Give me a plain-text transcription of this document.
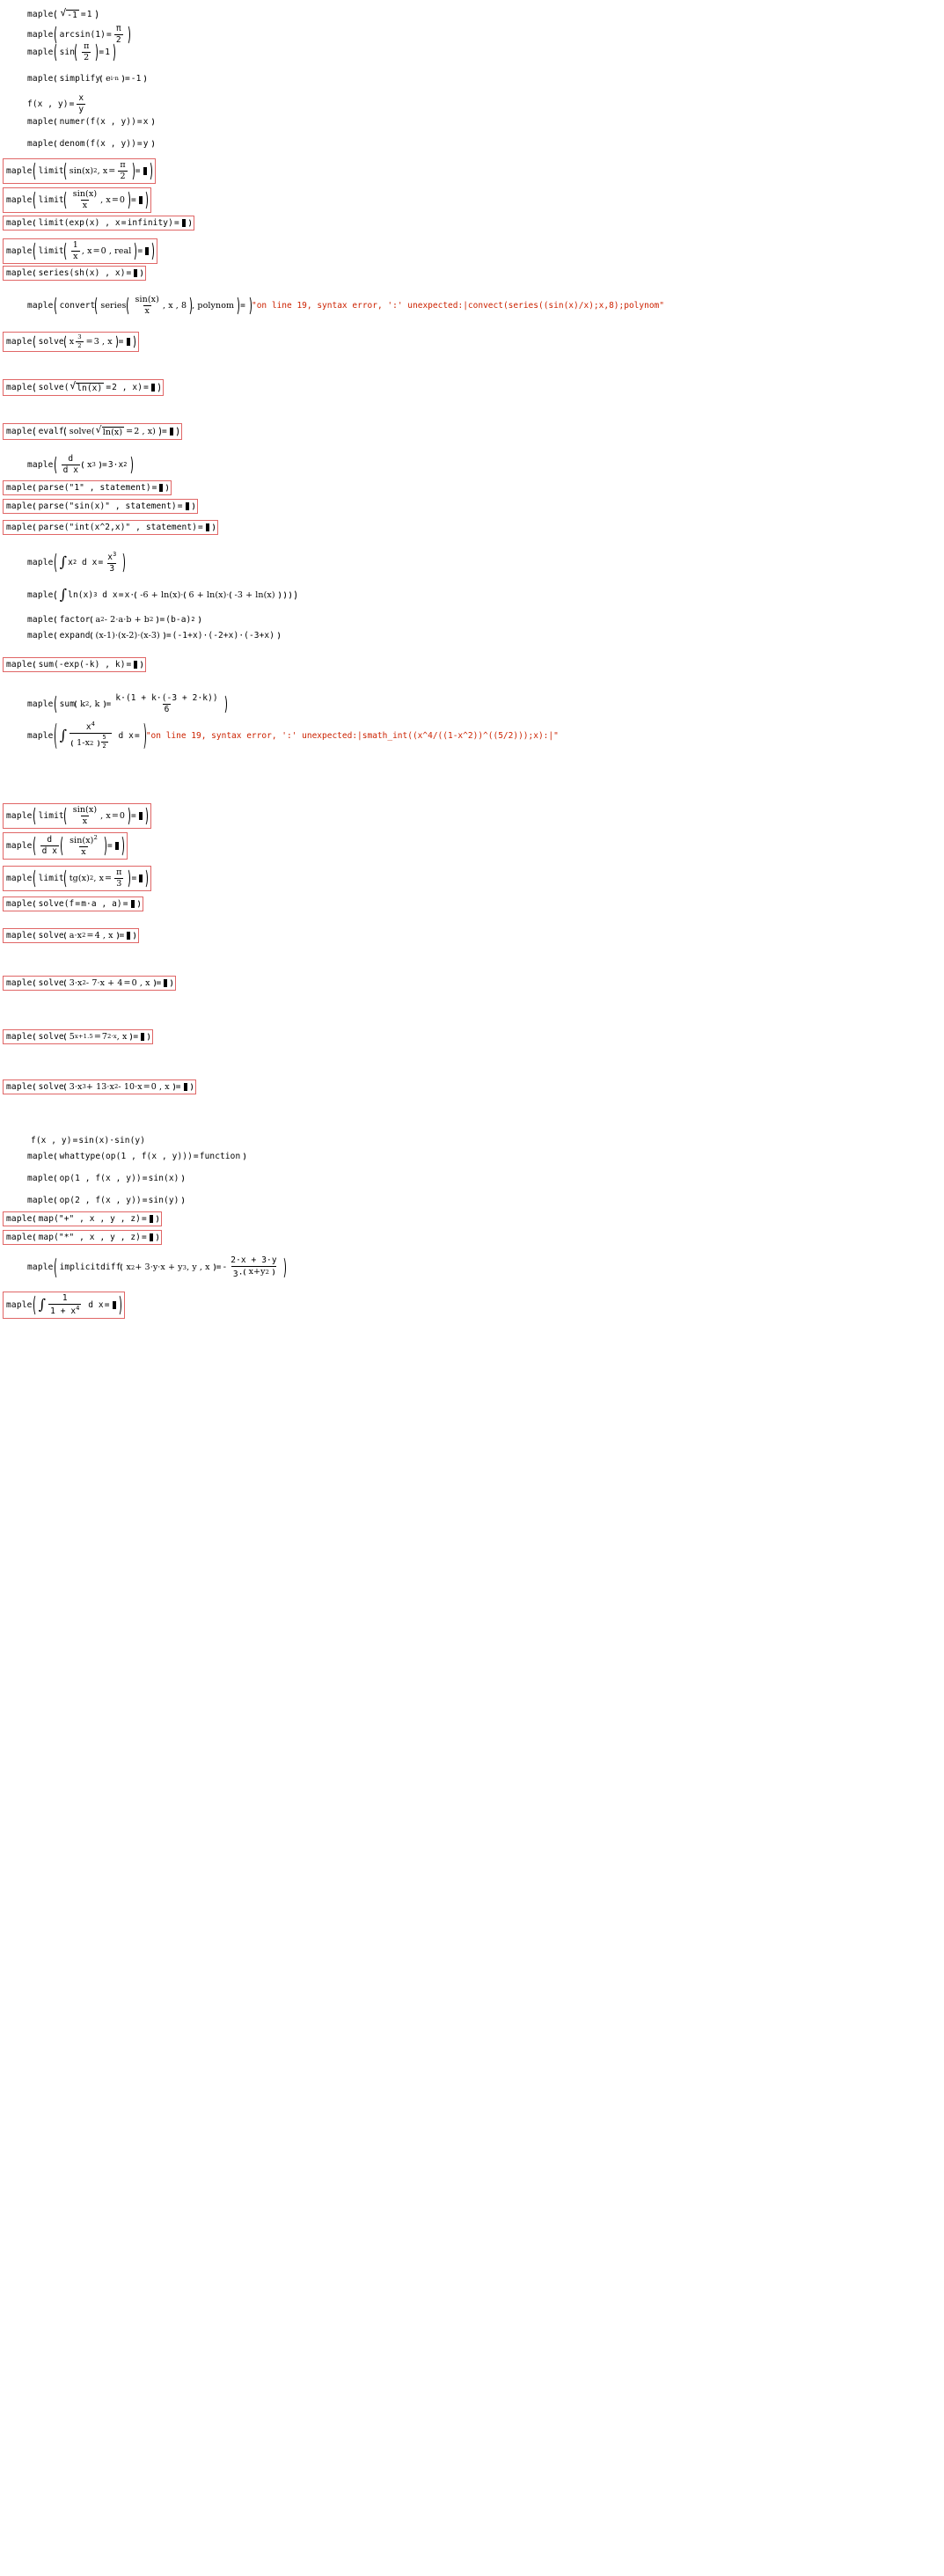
maple √ -1 = 1
maple $\arcsin(1) = \frac{\pi}{2}$
maple $\sin \frac{\pi}{2} = 1$
maple simplify e i·n = -1
f(x , $y) = \frac{x}{y}$
maple numer(f(x , y)) = x
maple denom(f(x , y)) = y
maple limit sin(x) 2 , $x = \frac{\pi}{2}$ =
maple limit $\frac{\sin(x)}{x}$ , x = 0 =
maple limit(exp(x) , x = infinity) =
maple limit $\frac{1}{x}$ , x = 0 , real =
maple series(sh(x) , x) =
maple convert series $\frac{\sin(x)}{x}$ , x , 8 , polynom = "on line 19, syntax error, ':' unexpected:|convect(series((sin(x)/x);x,8);polynom"
maple solve x $\frac{3}{2} = 3$ , x =
maple solve( √ ln(x) = 2 , x) =
maple evalf solve( √ ln(x) = 2 , x) =
maple $\frac{d}{\text{d x}}$ x 3 = 3·x 2
maple parse("1" , statement) =
maple parse("sin(x)" , statement) =
maple parse("int(x^2,x)" , statement) =
maple ∫ x 2 d $x = \frac{x^3}{3}$
maple ∫ ln(x) 3 d x = x· -6 + ln(x)· 6 + ln(x)· -3 + ln(x)
maple factor a 2 - 2·a·b + b 2 = (b-a) 2
maple expand (x-1)·(x-2)·(x-3) = (-1+x)·(-2+x)·(-3+x)
maple sum(-exp(-k) , k) =
maple sum k 2 , $k = \frac{k\cdot(1 + k\cdot(-3 + 2\cdot k))}{6}$
maple ∫ $x^4$
1-x 2 $^{\frac{5}{2}}$ d x = "on line 19, syntax error, ':' unexpected:|smath_int((x^4/((1-x^2))^((5/2)));x):|"
maple limit $\frac{\sin(x)}{x}$ , x = 0 =
maple $\frac{d}{\text{d x}} \frac{\sin(x)^2}{x}$ =
maple limit tg(x) 2 , $x = \frac{\pi}{3}$ =
maple solve(f = m·a , a) =
maple solve a·x 2 = 4 , x =
maple solve 3·x 2 - 7·x + 4 = 0 , x =
maple solve 5 x+1.5 = 7 2·x , x =
maple solve 3·x 3 + 13·x 2 - 10·x = 0 , x =
f(x , y) = sin(x)·sin(y)
maple whattype(op(1 , f(x , y))) = function
maple op(1 , f(x , y)) = sin(x)
maple op(2 , f(x , y)) = sin(y)
maple map("+" , x , y , z) =
maple map("*" , x , y , z) =
maple implicitdiff x 2 + 3·y·x + y 3 , y , x = - $\frac{2\cdot x + 3\cdot y}{3\cdot x+y 2}$
maple ∫ $\frac{1}{1 + x^4}$ d x =
